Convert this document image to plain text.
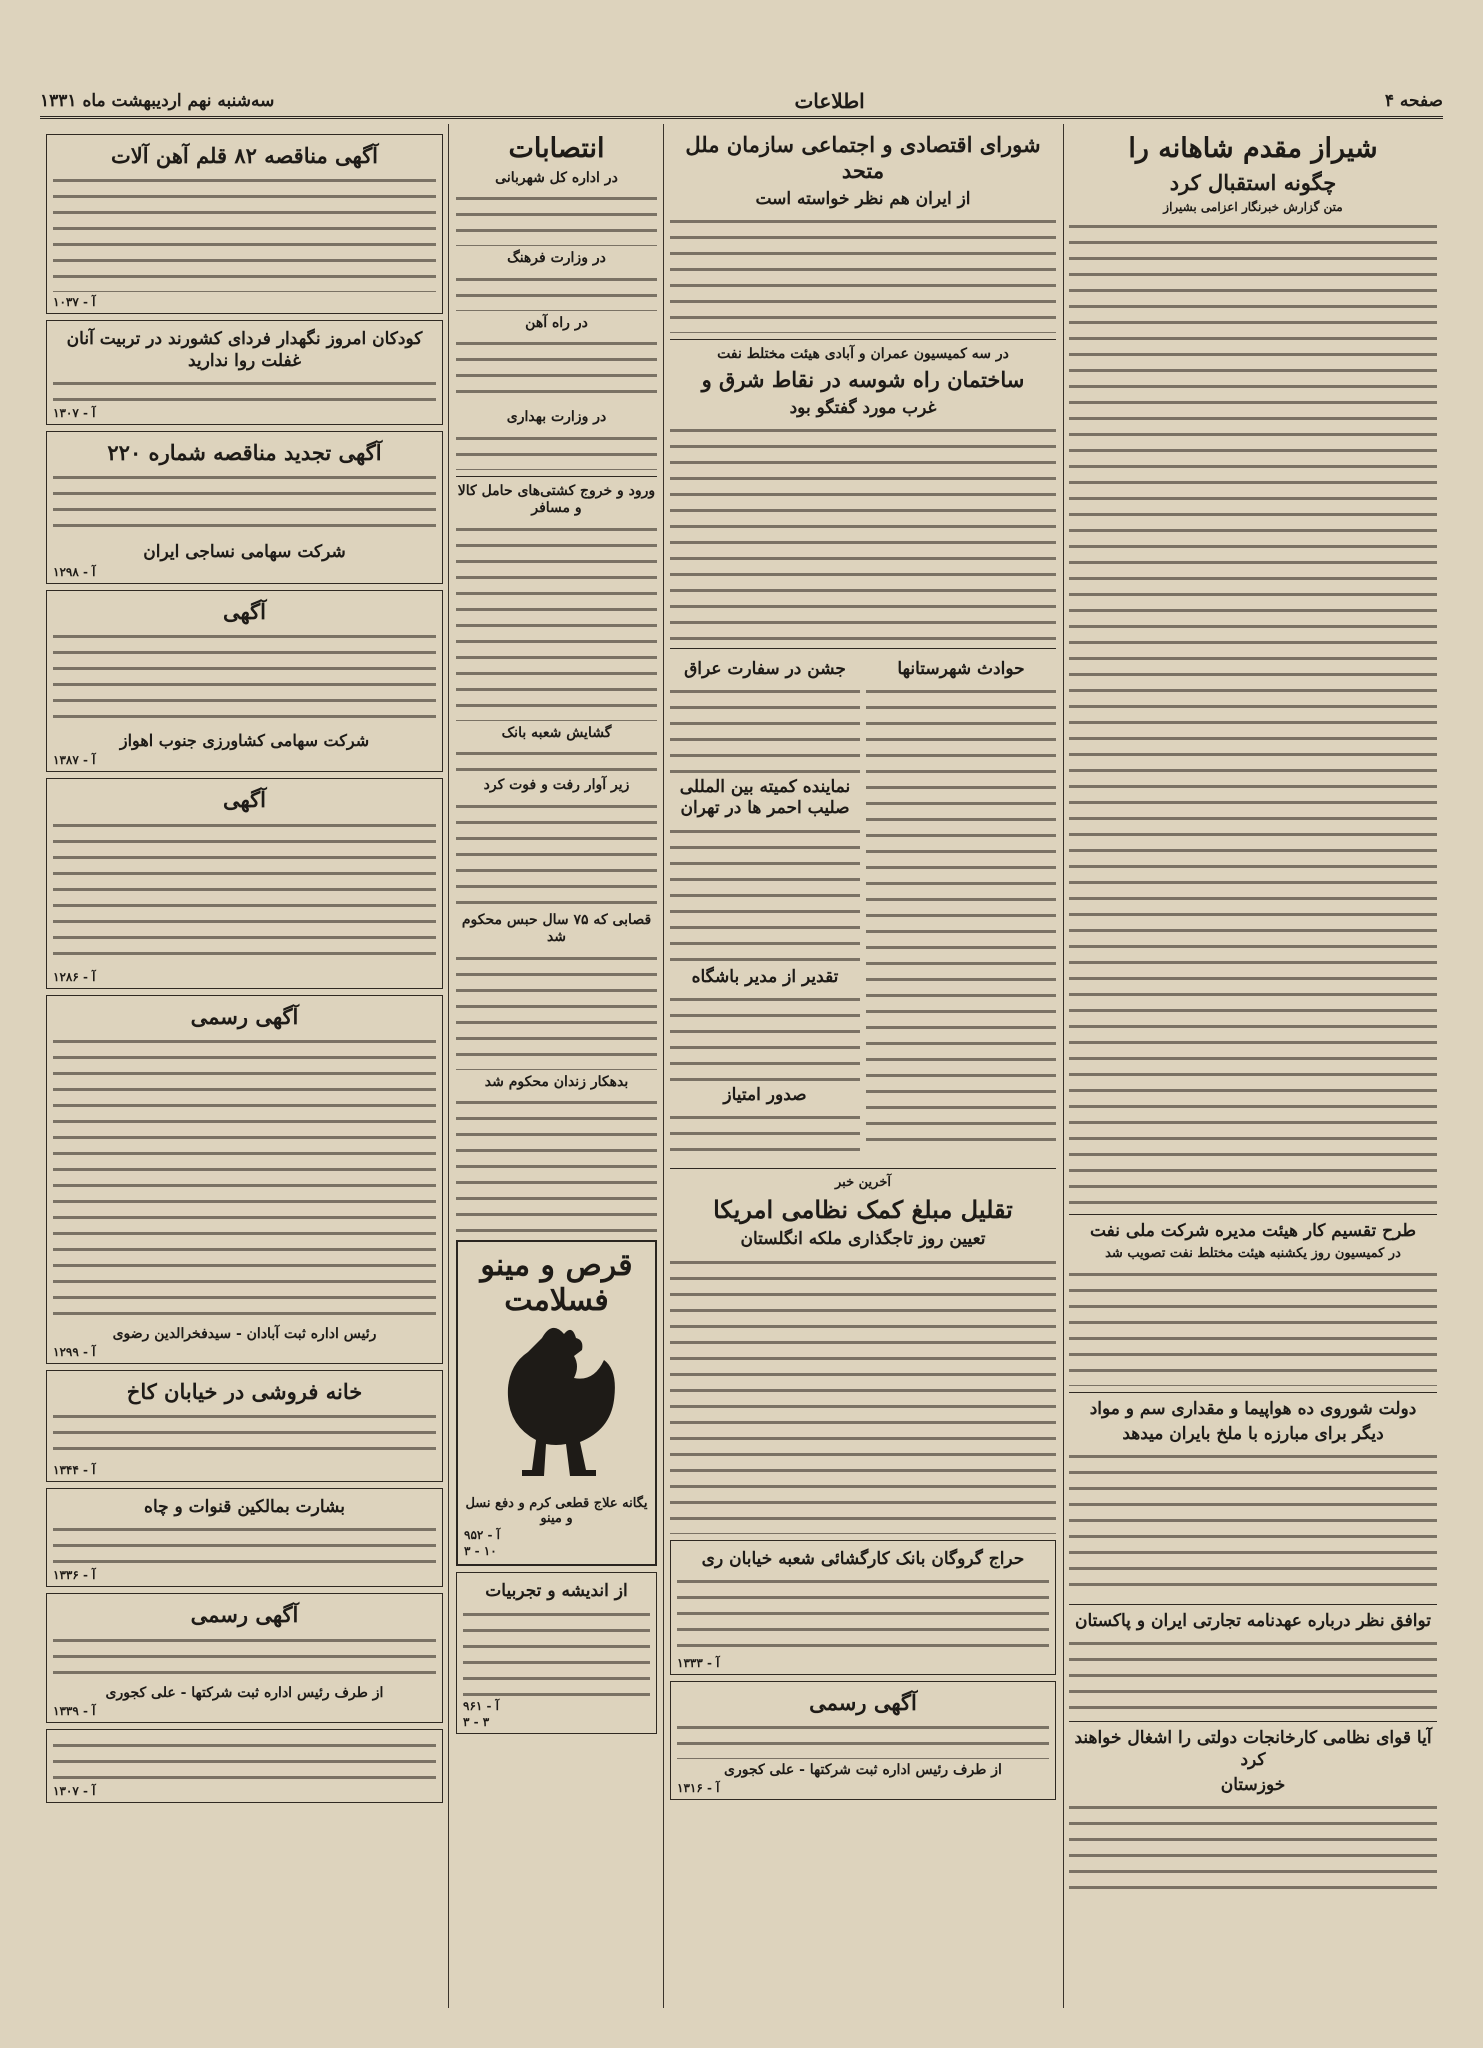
صفحه ۴
اطلاعات
سه‌شنبه نهم اردیبهشت ماه ۱۳۳۱
شیراز مقدم شاهانه را
چگونه استقبال کرد
متن گزارش خبرنگار اعزامی بشیراز
طرح تقسیم کار هیئت مدیره شرکت ملی نفت
در کمیسیون روز یکشنبه هیئت مختلط نفت تصویب شد
دولت شوروی ده هواپیما و مقداری سم و مواد
دیگر برای مبارزه با ملخ بایران میدهد
توافق نظر درباره عهدنامه تجارتی ایران و پاکستان
آیا قوای نظامی کارخانجات دولتی را اشغال خواهند کرد
خوزستان
شورای اقتصادی و اجتماعی سازمان ملل متحد
از ایران هم نظر خواسته است
در سه کمیسیون عمران و آبادی هیئت مختلط نفت
ساختمان راه شوسه در نقاط شرق و
غرب مورد گفتگو بود
حوادث شهرستانها
جشن در سفارت عراق
نماینده کمیته بین المللی صلیب احمر ها در تهران
تقدیر از مدیر باشگاه
صدور امتیاز
آخرین خبر
تقلیل مبلغ کمک نظامی امریکا
تعیین روز تاجگذاری ملکه انگلستان
حراج گروگان بانک کارگشائی شعبه خیابان ری
آ - ۱۳۳۳
آگهی رسمی
از طرف رئیس اداره ثبت شرکتها - علی کجوری
آ - ۱۳۱۶
انتصابات
در اداره کل شهربانی
در وزارت فرهنگ
در راه آهن
در وزارت بهداری
ورود و خروج کشتی‌های حامل کالا و مسافر
گشایش شعبه بانک
زیر آوار رفت و فوت کرد
قصابی که ۷۵ سال حبس محکوم شد
بدهکار زندان محکوم شد
قرص و مینو فسلامت
یگانه علاج قطعی کرم و دفع نسل و مینو
آ - ۹۵۲
۳ - ۱۰
از اندیشه و تجربیات
آ - ۹۶۱
۳ - ۳
آگهی مناقصه ۸۲ قلم آهن آلات
آ - ۱۰۳۷
کودکان امروز نگهدار فردای کشورند در تربیت آنان غفلت روا ندارید
آ - ۱۳۰۷
آگهی تجدید مناقصه شماره ۲۲۰
شرکت سهامی نساجی ایران
آ - ۱۲۹۸
آگهی
شرکت سهامی کشاورزی جنوب اهواز
آ - ۱۳۸۷
آگهی
آ - ۱۲۸۶
آگهی رسمی
رئیس اداره ثبت آبادان - سیدفخرالدین رضوی
آ - ۱۲۹۹
خانه فروشی در خیابان کاخ
آ - ۱۳۴۴
بشارت بمالکین قنوات و چاه
آ - ۱۳۳۶
آگهی رسمی
از طرف رئیس اداره ثبت شرکتها - علی کجوری
آ - ۱۳۳۹
آ - ۱۳۰۷
